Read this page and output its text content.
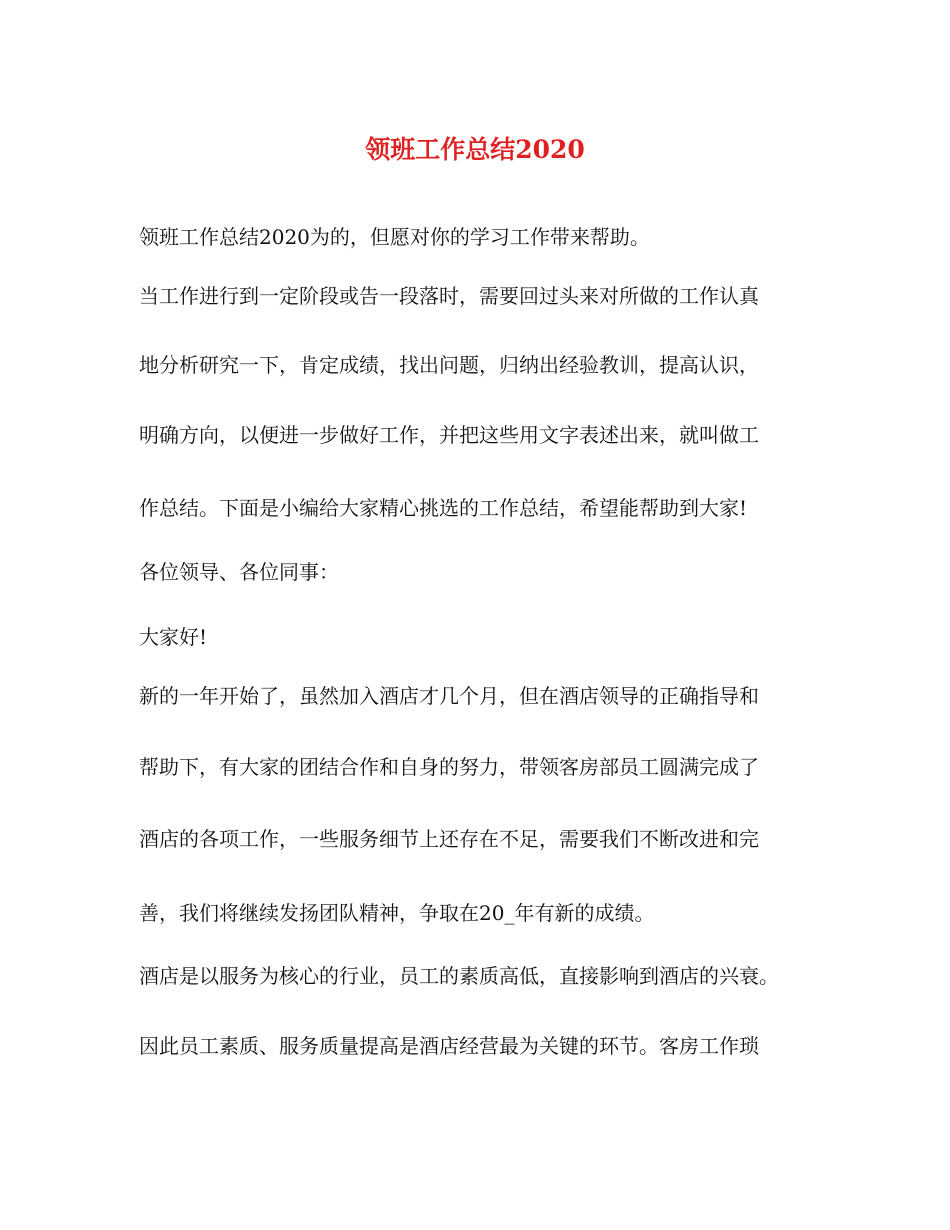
领班工作总结2020

领班工作总结2020为的，但愿对你的学习工作带来帮助。

当工作进行到一定阶段或告一段落时，需要回过头来对所做的工作认真

地分析研究一下，肯定成绩，找出问题，归纳出经验教训，提高认识，

明确方向，以便进一步做好工作，并把这些用文字表述出来，就叫做工

作总结。下面是小编给大家精心挑选的工作总结，希望能帮助到大家!

各位领导、各位同事：

大家好!

新的一年开始了，虽然加入酒店才几个月，但在酒店领导的正确指导和

帮助下，有大家的团结合作和自身的努力，带领客房部员工圆满完成了

酒店的各项工作，一些服务细节上还存在不足，需要我们不断改进和完

善，我们将继续发扬团队精神，争取在20_年有新的成绩。

酒店是以服务为核心的行业，员工的素质高低，直接影响到酒店的兴衰。

因此员工素质、服务质量提高是酒店经营最为关键的环节。客房工作琐
